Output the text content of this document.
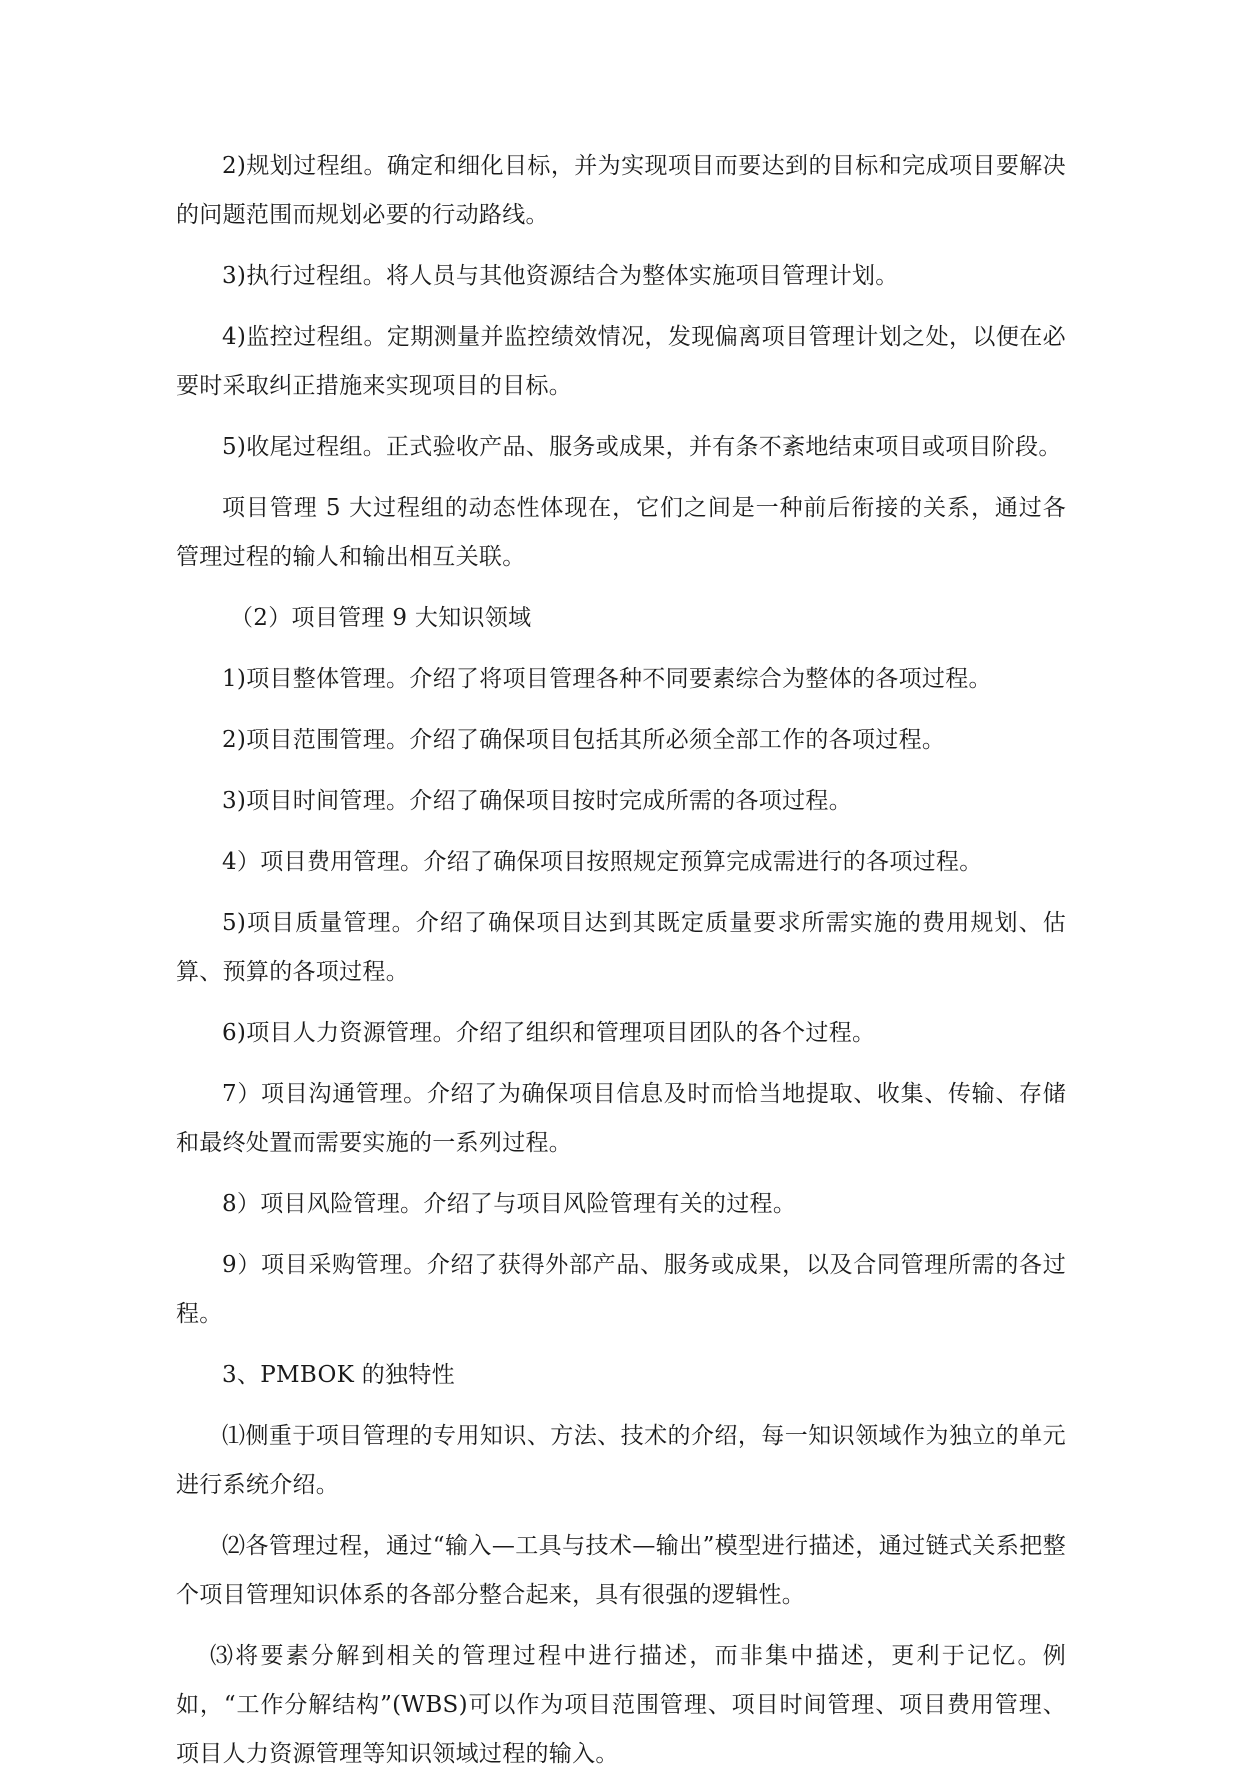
2)规划过程组。确定和细化目标，并为实现项目而要达到的目标和完成项目要解决的问题范围而规划必要的行动路线。

3)执行过程组。将人员与其他资源结合为整体实施项目管理计划。

4)监控过程组。定期测量并监控绩效情况，发现偏离项目管理计划之处，以便在必要时采取纠正措施来实现项目的目标。

5)收尾过程组。正式验收产品、服务或成果，并有条不紊地结束项目或项目阶段。

项目管理 5 大过程组的动态性体现在，它们之间是一种前后衔接的关系，通过各管理过程的输人和输出相互关联。

（2）项目管理 9 大知识领域

1)项目整体管理。介绍了将项目管理各种不同要素综合为整体的各项过程。

2)项目范围管理。介绍了确保项目包括其所必须全部工作的各项过程。

3)项目时间管理。介绍了确保项目按时完成所需的各项过程。

4）项目费用管理。介绍了确保项目按照规定预算完成需进行的各项过程。

5)项目质量管理。介绍了确保项目达到其既定质量要求所需实施的费用规划、估算、预算的各项过程。

6)项目人力资源管理。介绍了组织和管理项目团队的各个过程。

7）项目沟通管理。介绍了为确保项目信息及时而恰当地提取、收集、传输、存储和最终处置而需要实施的一系列过程。

8）项目风险管理。介绍了与项目风险管理有关的过程。

9）项目采购管理。介绍了获得外部产品、服务或成果，以及合同管理所需的各过程。

3、PMBOK 的独特性

⑴侧重于项目管理的专用知识、方法、技术的介绍，每一知识领域作为独立的单元进行系统介绍。

⑵各管理过程，通过“输入—工具与技术—输出”模型进行描述，通过链式关系把整个项目管理知识体系的各部分整合起来，具有很强的逻辑性。

⑶将要素分解到相关的管理过程中进行描述，而非集中描述，更利于记忆。例如，“工作分解结构”(WBS)可以作为项目范围管理、项目时间管理、项目费用管理、项目人力资源管理等知识领域过程的输入。
